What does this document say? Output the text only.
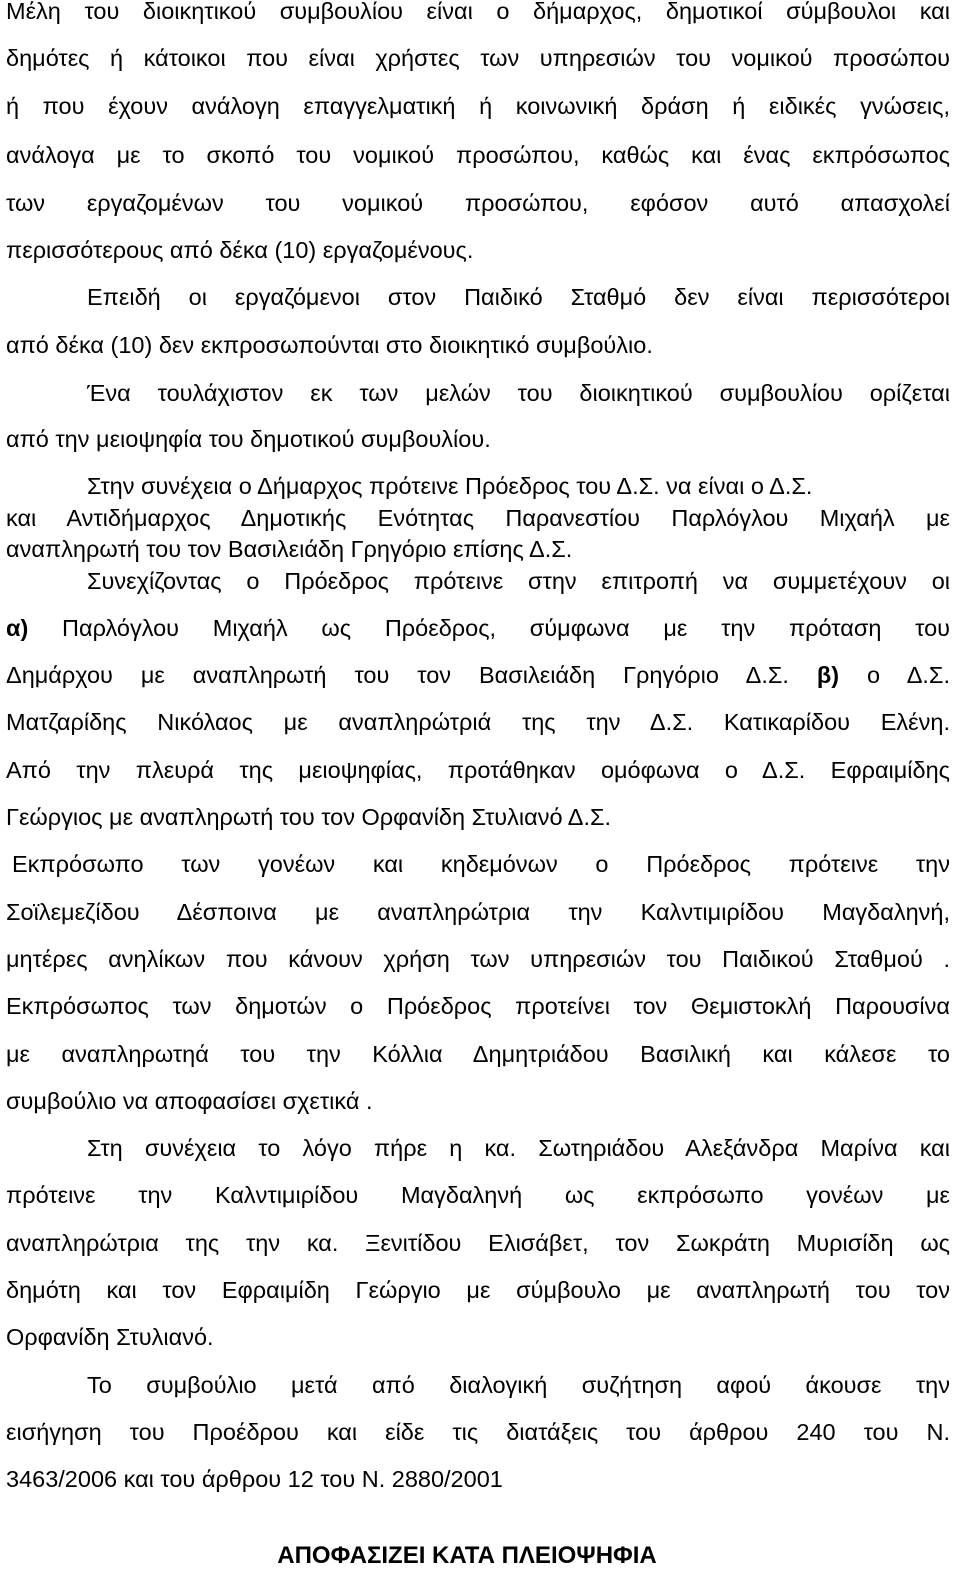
Μέλη του διοικητικού συμβουλίου είναι ο δήμαρχος, δημοτικοί σύμβουλοι και
δημότες ή κάτοικοι που είναι χρήστες των υπηρεσιών του νομικού προσώπου
ή που έχουν ανάλογη επαγγελματική ή κοινωνική δράση ή ειδικές γνώσεις,
ανάλογα με το σκοπό του νομικού προσώπου, καθώς και ένας εκπρόσωπος
των εργαζομένων του νομικού προσώπου, εφόσον αυτό απασχολεί
περισσότερους από δέκα (10) εργαζομένους.
Επειδή οι εργαζόμενοι στον Παιδικό Σταθμό δεν είναι περισσότεροι
από δέκα (10) δεν εκπροσωπούνται στο διοικητικό συμβούλιο.
Ένα τουλάχιστον εκ των μελών του διοικητικού συμβουλίου ορίζεται
από την μειοψηφία του δημοτικού συμβουλίου.
Στην συνέχεια ο Δήμαρχος πρότεινε Πρόεδρος του Δ.Σ. να είναι ο Δ.Σ.
και Αντιδήμαρχος Δημοτικής Ενότητας Παρανεστίου Παρλόγλου Μιχαήλ με
αναπληρωτή του τον Βασιλειάδη Γρηγόριο επίσης Δ.Σ.
Συνεχίζοντας ο Πρόεδρος πρότεινε στην επιτροπή να συμμετέχουν οι
α) Παρλόγλου Μιχαήλ ως Πρόεδρος, σύμφωνα με την πρόταση του
Δημάρχου με αναπληρωτή του τον Βασιλειάδη Γρηγόριο Δ.Σ. β) ο Δ.Σ.
Ματζαρίδης Νικόλαος με αναπληρώτριά της την Δ.Σ. Κατικαρίδου Ελένη.
Από την πλευρά της μειοψηφίας, προτάθηκαν ομόφωνα ο Δ.Σ. Εφραιμίδης
Γεώργιος με αναπληρωτή του τον Ορφανίδη Στυλιανό Δ.Σ.
Εκπρόσωπο των γονέων και κηδεμόνων ο Πρόεδρος πρότεινε την
Σοϊλεμεζίδου Δέσποινα με αναπληρώτρια την Καλντιμιρίδου Μαγδαληνή,
μητέρες ανηλίκων που κάνουν χρήση των υπηρεσιών του Παιδικού Σταθμού .
Εκπρόσωπος των δημοτών ο Πρόεδρος προτείνει τον Θεμιστοκλή Παρουσίνα
με αναπληρωτηά του την Κόλλια Δημητριάδου Βασιλική και κάλεσε το
συμβούλιο να αποφασίσει σχετικά .
Στη συνέχεια το λόγο πήρε η κα. Σωτηριάδου Αλεξάνδρα Μαρίνα και
πρότεινε την Καλντιμιρίδου Μαγδαληνή ως εκπρόσωπο γονέων με
αναπληρώτρια της την κα. Ξενιτίδου Ελισάβετ, τον Σωκράτη Μυρισίδη ως
δημότη και τον Εφραιμίδη Γεώργιο με σύμβουλο με αναπληρωτή του τον
Ορφανίδη Στυλιανό.
Το συμβούλιο μετά από διαλογική συζήτηση αφού άκουσε την
εισήγηση του Προέδρου και είδε τις διατάξεις του άρθρου 240 του Ν.
3463/2006 και του άρθρου 12 του Ν. 2880/2001
ΑΠΟΦΑΣΙΖΕΙ ΚΑΤΑ ΠΛΕΙΟΨΗΦΙΑ
